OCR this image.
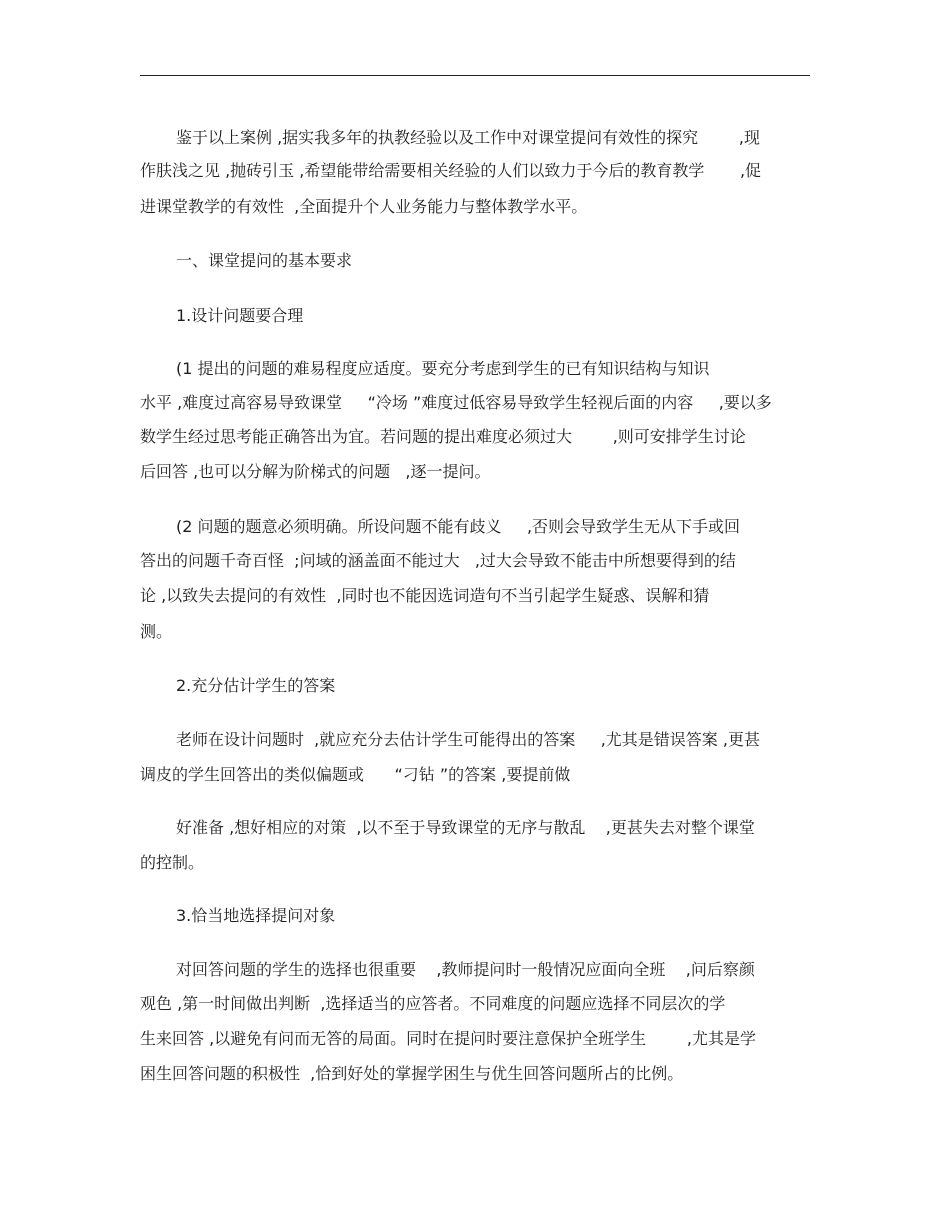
鉴于以上案例 ,据实我多年的执教经验以及工作中对课堂提问有效性的探究        ,现
作肤浅之见 ,抛砖引玉 ,希望能带给需要相关经验的人们以致力于今后的教育教学       ,促
进课堂教学的有效性  ,全面提升个人业务能力与整体教学水平。
一、课堂提问的基本要求
1.设计问题要合理
(1 提出的问题的难易程度应适度。要充分考虑到学生的已有知识结构与知识
水平 ,难度过高容易导致课堂     “冷场 ”难度过低容易导致学生轻视后面的内容     ,要以多
数学生经过思考能正确答出为宜。若问题的提出难度必须过大        ,则可安排学生讨论
后回答 ,也可以分解为阶梯式的问题   ,逐一提问。
(2 问题的题意必须明确。所设问题不能有歧义     ,否则会导致学生无从下手或回
答出的问题千奇百怪  ;问域的涵盖面不能过大   ,过大会导致不能击中所想要得到的结
论 ,以致失去提问的有效性  ,同时也不能因选词造句不当引起学生疑惑、误解和猜
测。
2.充分估计学生的答案
老师在设计问题时  ,就应充分去估计学生可能得出的答案     ,尤其是错误答案 ,更甚
调皮的学生回答出的类似偏题或      “刁钻 ”的答案 ,要提前做
好准备 ,想好相应的对策  ,以不至于导致课堂的无序与散乱    ,更甚失去对整个课堂
的控制。
3.恰当地选择提问对象
对回答问题的学生的选择也很重要    ,教师提问时一般情况应面向全班    ,问后察颜
观色 ,第一时间做出判断  ,选择适当的应答者。不同难度的问题应选择不同层次的学
生来回答 ,以避免有问而无答的局面。同时在提问时要注意保护全班学生        ,尤其是学
困生回答问题的积极性  ,恰到好处的掌握学困生与优生回答问题所占的比例。
